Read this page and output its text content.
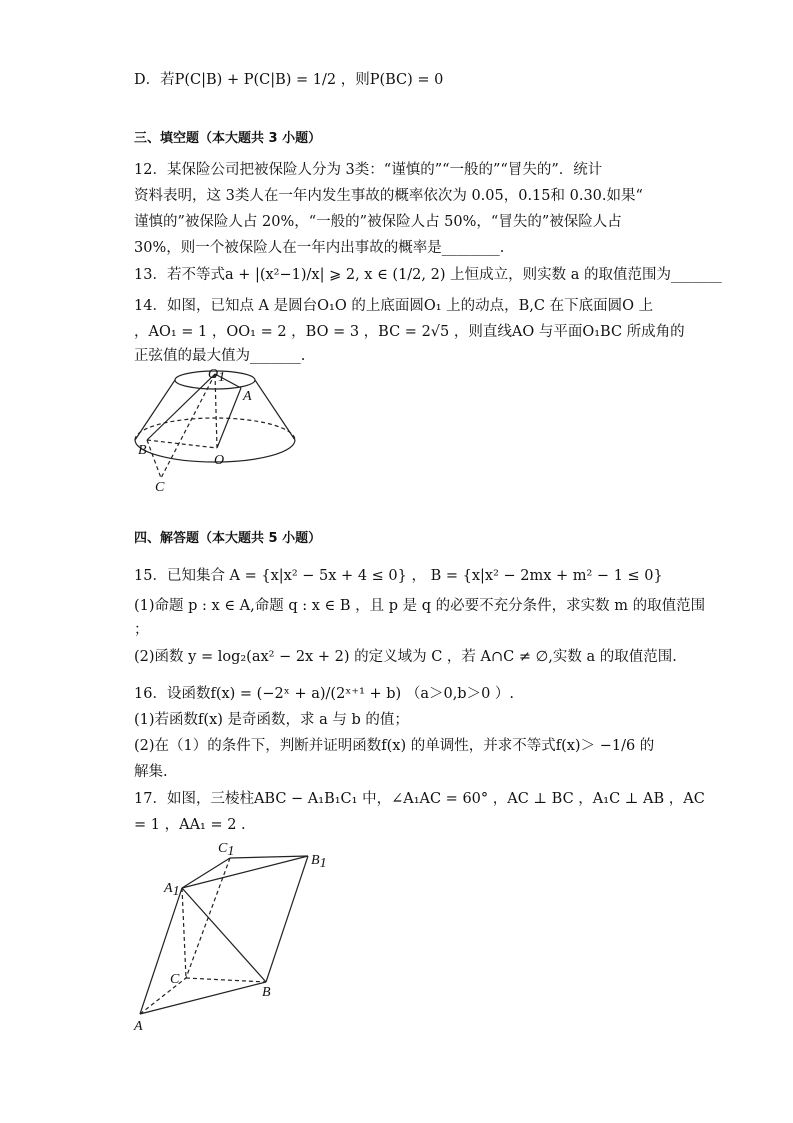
D．若P(C|B) + P(C|B) = 1/2 ，则P(BC) = 0
三、填空题（本大题共 3 小题）
12．某保险公司把被保险人分为 3类：“谨慎的”“一般的”“冒失的”．统计
资料表明，这 3类人在一年内发生事故的概率依次为 0.05，0.15和 0.30.如果“
谨慎的”被保险人占 20%，“一般的”被保险人占 50%，“冒失的”被保险人占
30%，则一个被保险人在一年内出事故的概率是________.
13．若不等式a + |(x²−1)/x| ⩾ 2, x ∈ (1/2, 2) 上恒成立，则实数 a 的取值范围为_______
14．如图，已知点 A 是圆台O₁O 的上底面圆O₁ 上的动点，B,C 在下底面圆O 上
，AO₁ = 1 ，OO₁ = 2 ，BO = 3 ，BC = 2√5 ，则直线AO 与平面O₁BC 所成角的
正弦值的最大值为_______.
O1
A
B
O
C
四、解答题（本大题共 5 小题）
15．已知集合 A = {x|x² − 5x + 4 ≤ 0} ， B = {x|x² − 2mx + m² − 1 ≤ 0}
(1)命题 p : x ∈ A,命题 q : x ∈ B ，且 p 是 q 的必要不充分条件，求实数 m 的取值范围
；
(2)函数 y = log₂(ax² − 2x + 2) 的定义域为 C ，若 A∩C ≠ ∅,实数 a 的取值范围.
16．设函数f(x) = (−2ˣ + a)/(2ˣ⁺¹ + b) （a＞0,b＞0 ）.
(1)若函数f(x) 是奇函数，求 a 与 b 的值；
(2)在（1）的条件下，判断并证明函数f(x) 的单调性，并求不等式f(x)＞ −1/6 的
解集.
17．如图，三棱柱ABC − A₁B₁C₁ 中，∠A₁AC = 60° ，AC ⊥ BC ，A₁C ⊥ AB ，AC
= 1 ，AA₁ = 2 .
C1
B1
A1
C
B
A
